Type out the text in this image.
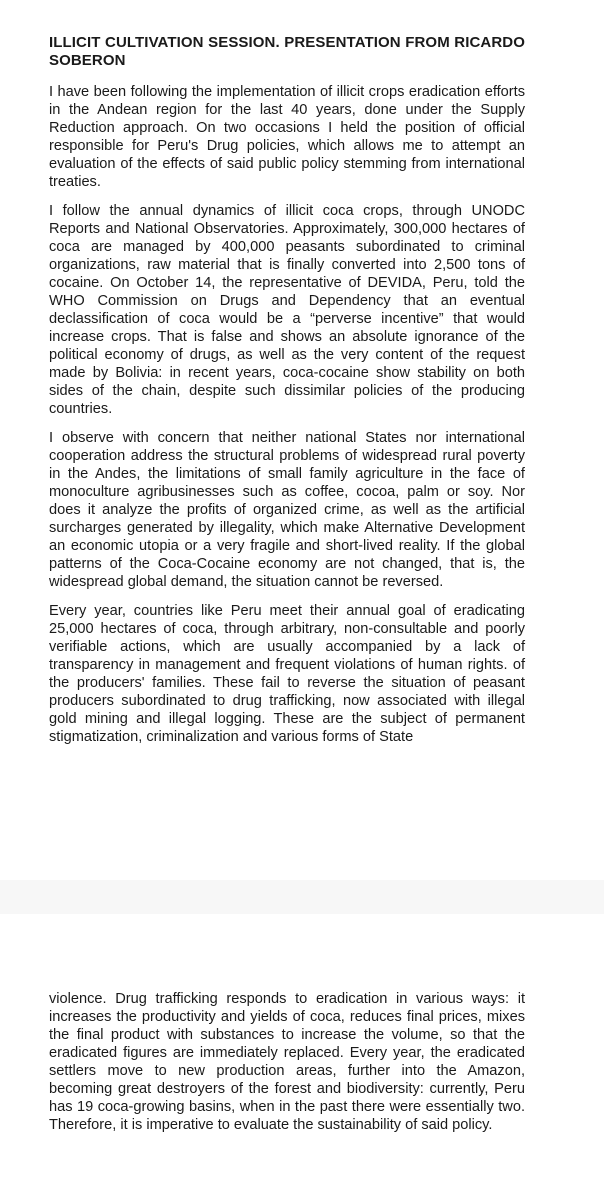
ILLICIT CULTIVATION SESSION. PRESENTATION FROM RICARDO SOBERON

I have been following the implementation of illicit crops eradication efforts in the Andean region for the last 40 years, done under the Supply Reduction approach. On two occasions I held the position of official responsible for Peru's Drug policies, which allows me to attempt an evaluation of the effects of said public policy stemming from international treaties.

I follow the annual dynamics of illicit coca crops, through UNODC Reports and National Observatories. Approximately, 300,000 hectares of coca are managed by 400,000 peasants subordinated to criminal organizations, raw material that is finally converted into 2,500 tons of cocaine. On October 14, the representative of DEVIDA, Peru, told the WHO Commission on Drugs and Dependency that an eventual declassification of coca would be a “perverse incentive” that would increase crops. That is false and shows an absolute ignorance of the political economy of drugs, as well as the very content of the request made by Bolivia: in recent years, coca-cocaine show stability on both sides of the chain, despite such dissimilar policies of the producing countries.

I observe with concern that neither national States nor international cooperation address the structural problems of widespread rural poverty in the Andes, the limitations of small family agriculture in the face of monoculture agribusinesses such as coffee, cocoa, palm or soy. Nor does it analyze the profits of organized crime, as well as the artificial surcharges generated by illegality, which make Alternative Development an economic utopia or a very fragile and short-lived reality. If the global patterns of the Coca-Cocaine economy are not changed, that is, the widespread global demand, the situation cannot be reversed.

Every year, countries like Peru meet their annual goal of eradicating 25,000 hectares of coca, through arbitrary, non-consultable and poorly verifiable actions, which are usually accompanied by a lack of transparency in management and frequent violations of human rights. of the producers' families. These fail to reverse the situation of peasant producers subordinated to drug trafficking, now associated with illegal gold mining and illegal logging. These are the subject of permanent stigmatization, criminalization and various forms of State

violence. Drug trafficking responds to eradication in various ways: it increases the productivity and yields of coca, reduces final prices, mixes the final product with substances to increase the volume, so that the eradicated figures are immediately replaced. Every year, the eradicated settlers move to new production areas, further into the Amazon, becoming great destroyers of the forest and biodiversity: currently, Peru has 19 coca-growing basins, when in the past there were essentially two. Therefore, it is imperative to evaluate the sustainability of said policy.
